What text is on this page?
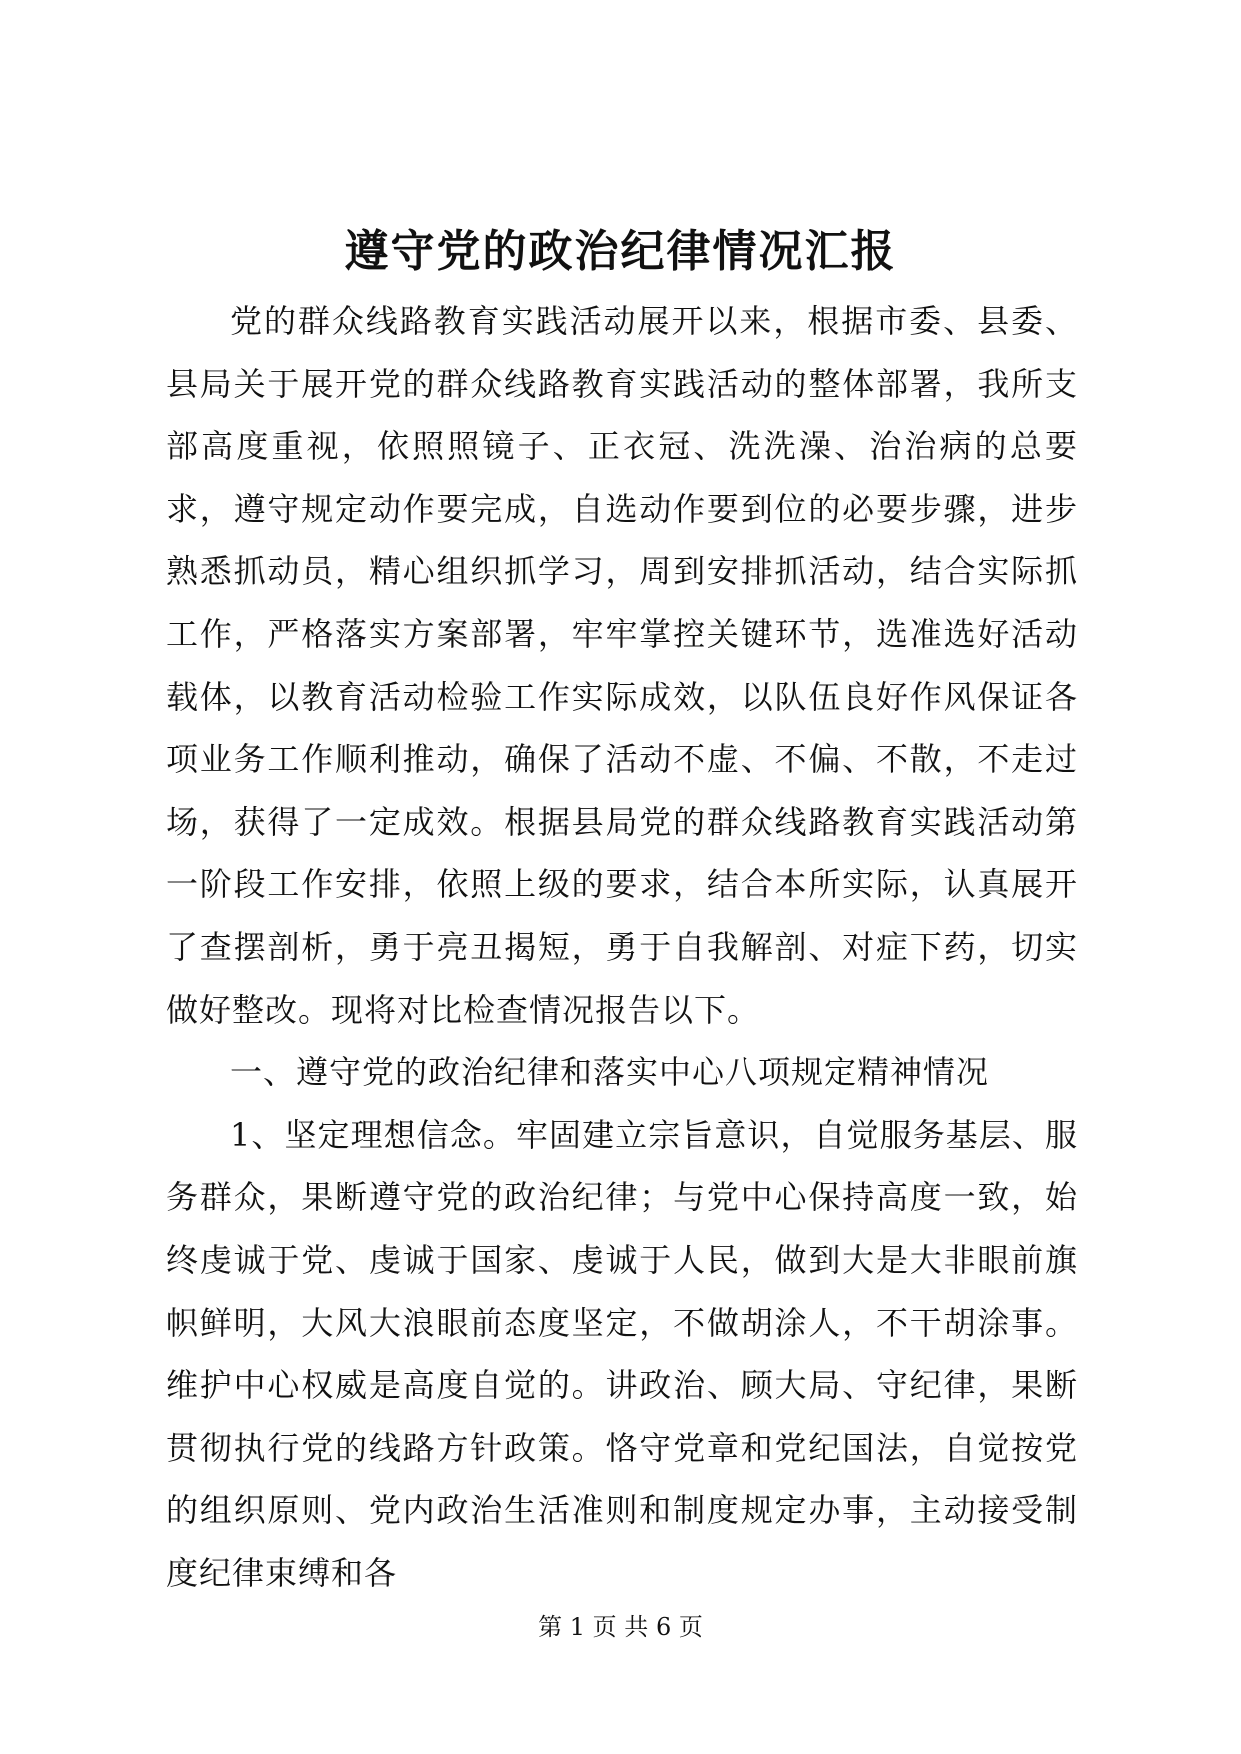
遵守党的政治纪律情况汇报

党的群众线路教育实践活动展开以来，根据市委、县委、县局关于展开党的群众线路教育实践活动的整体部署，我所支部高度重视，依照照镜子、正衣冠、洗洗澡、治治病的总要求，遵守规定动作要完成，自选动作要到位的必要步骤，进步熟悉抓动员，精心组织抓学习，周到安排抓活动，结合实际抓工作，严格落实方案部署，牢牢掌控关键环节，选准选好活动载体，以教育活动检验工作实际成效，以队伍良好作风保证各项业务工作顺利推动，确保了活动不虚、不偏、不散，不走过场，获得了一定成效。根据县局党的群众线路教育实践活动第一阶段工作安排，依照上级的要求，结合本所实际，认真展开了查摆剖析，勇于亮丑揭短，勇于自我解剖、对症下药，切实做好整改。现将对比检查情况报告以下。

一、遵守党的政治纪律和落实中心八项规定精神情况

1、坚定理想信念。牢固建立宗旨意识，自觉服务基层、服务群众，果断遵守党的政治纪律；与党中心保持高度一致，始终虔诚于党、虔诚于国家、虔诚于人民，做到大是大非眼前旗帜鲜明，大风大浪眼前态度坚定，不做胡涂人，不干胡涂事。维护中心权威是高度自觉的。讲政治、顾大局、守纪律，果断贯彻执行党的线路方针政策。恪守党章和党纪国法，自觉按党的组织原则、党内政治生活准则和制度规定办事，主动接受制度纪律束缚和各

第 1 页 共 6 页
